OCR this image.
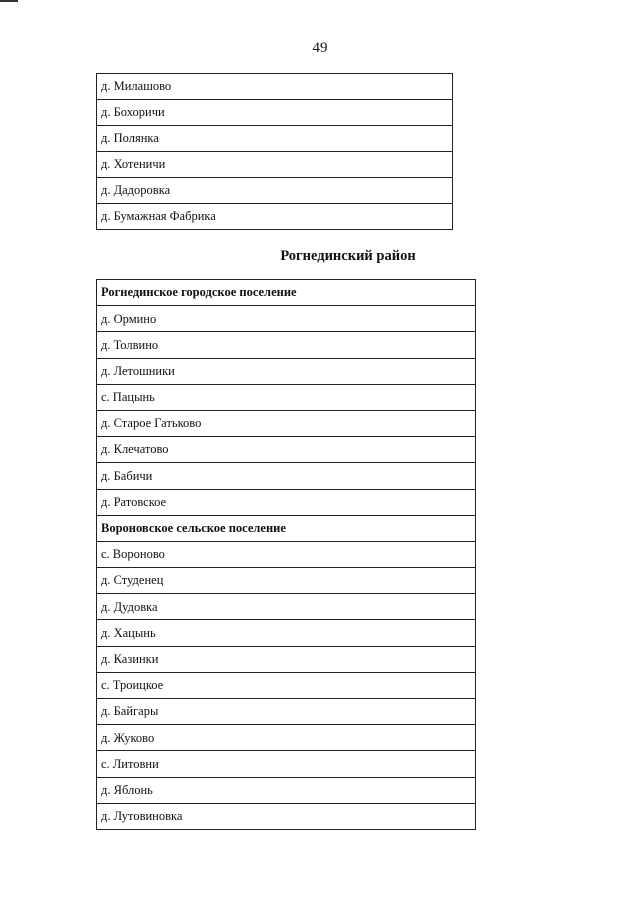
49
д. Милашово
д. Бохоричи
д. Полянка
д. Хотеничи
д. Дадоровка
д. Бумажная Фабрика
Рогнединский район
Рогнединское городское поселение
д. Ормино
д. Толвино
д. Летошники
с. Пацынь
д. Старое Гатьково
д. Клечатово
д. Бабичи
д. Ратовское
Вороновское сельское поселение
с. Вороново
д. Студенец
д. Дудовка
д. Хацынь
д. Казинки
с. Троицкое
д. Байгары
д. Жуково
с. Литовни
д. Яблонь
д. Лутовиновка
